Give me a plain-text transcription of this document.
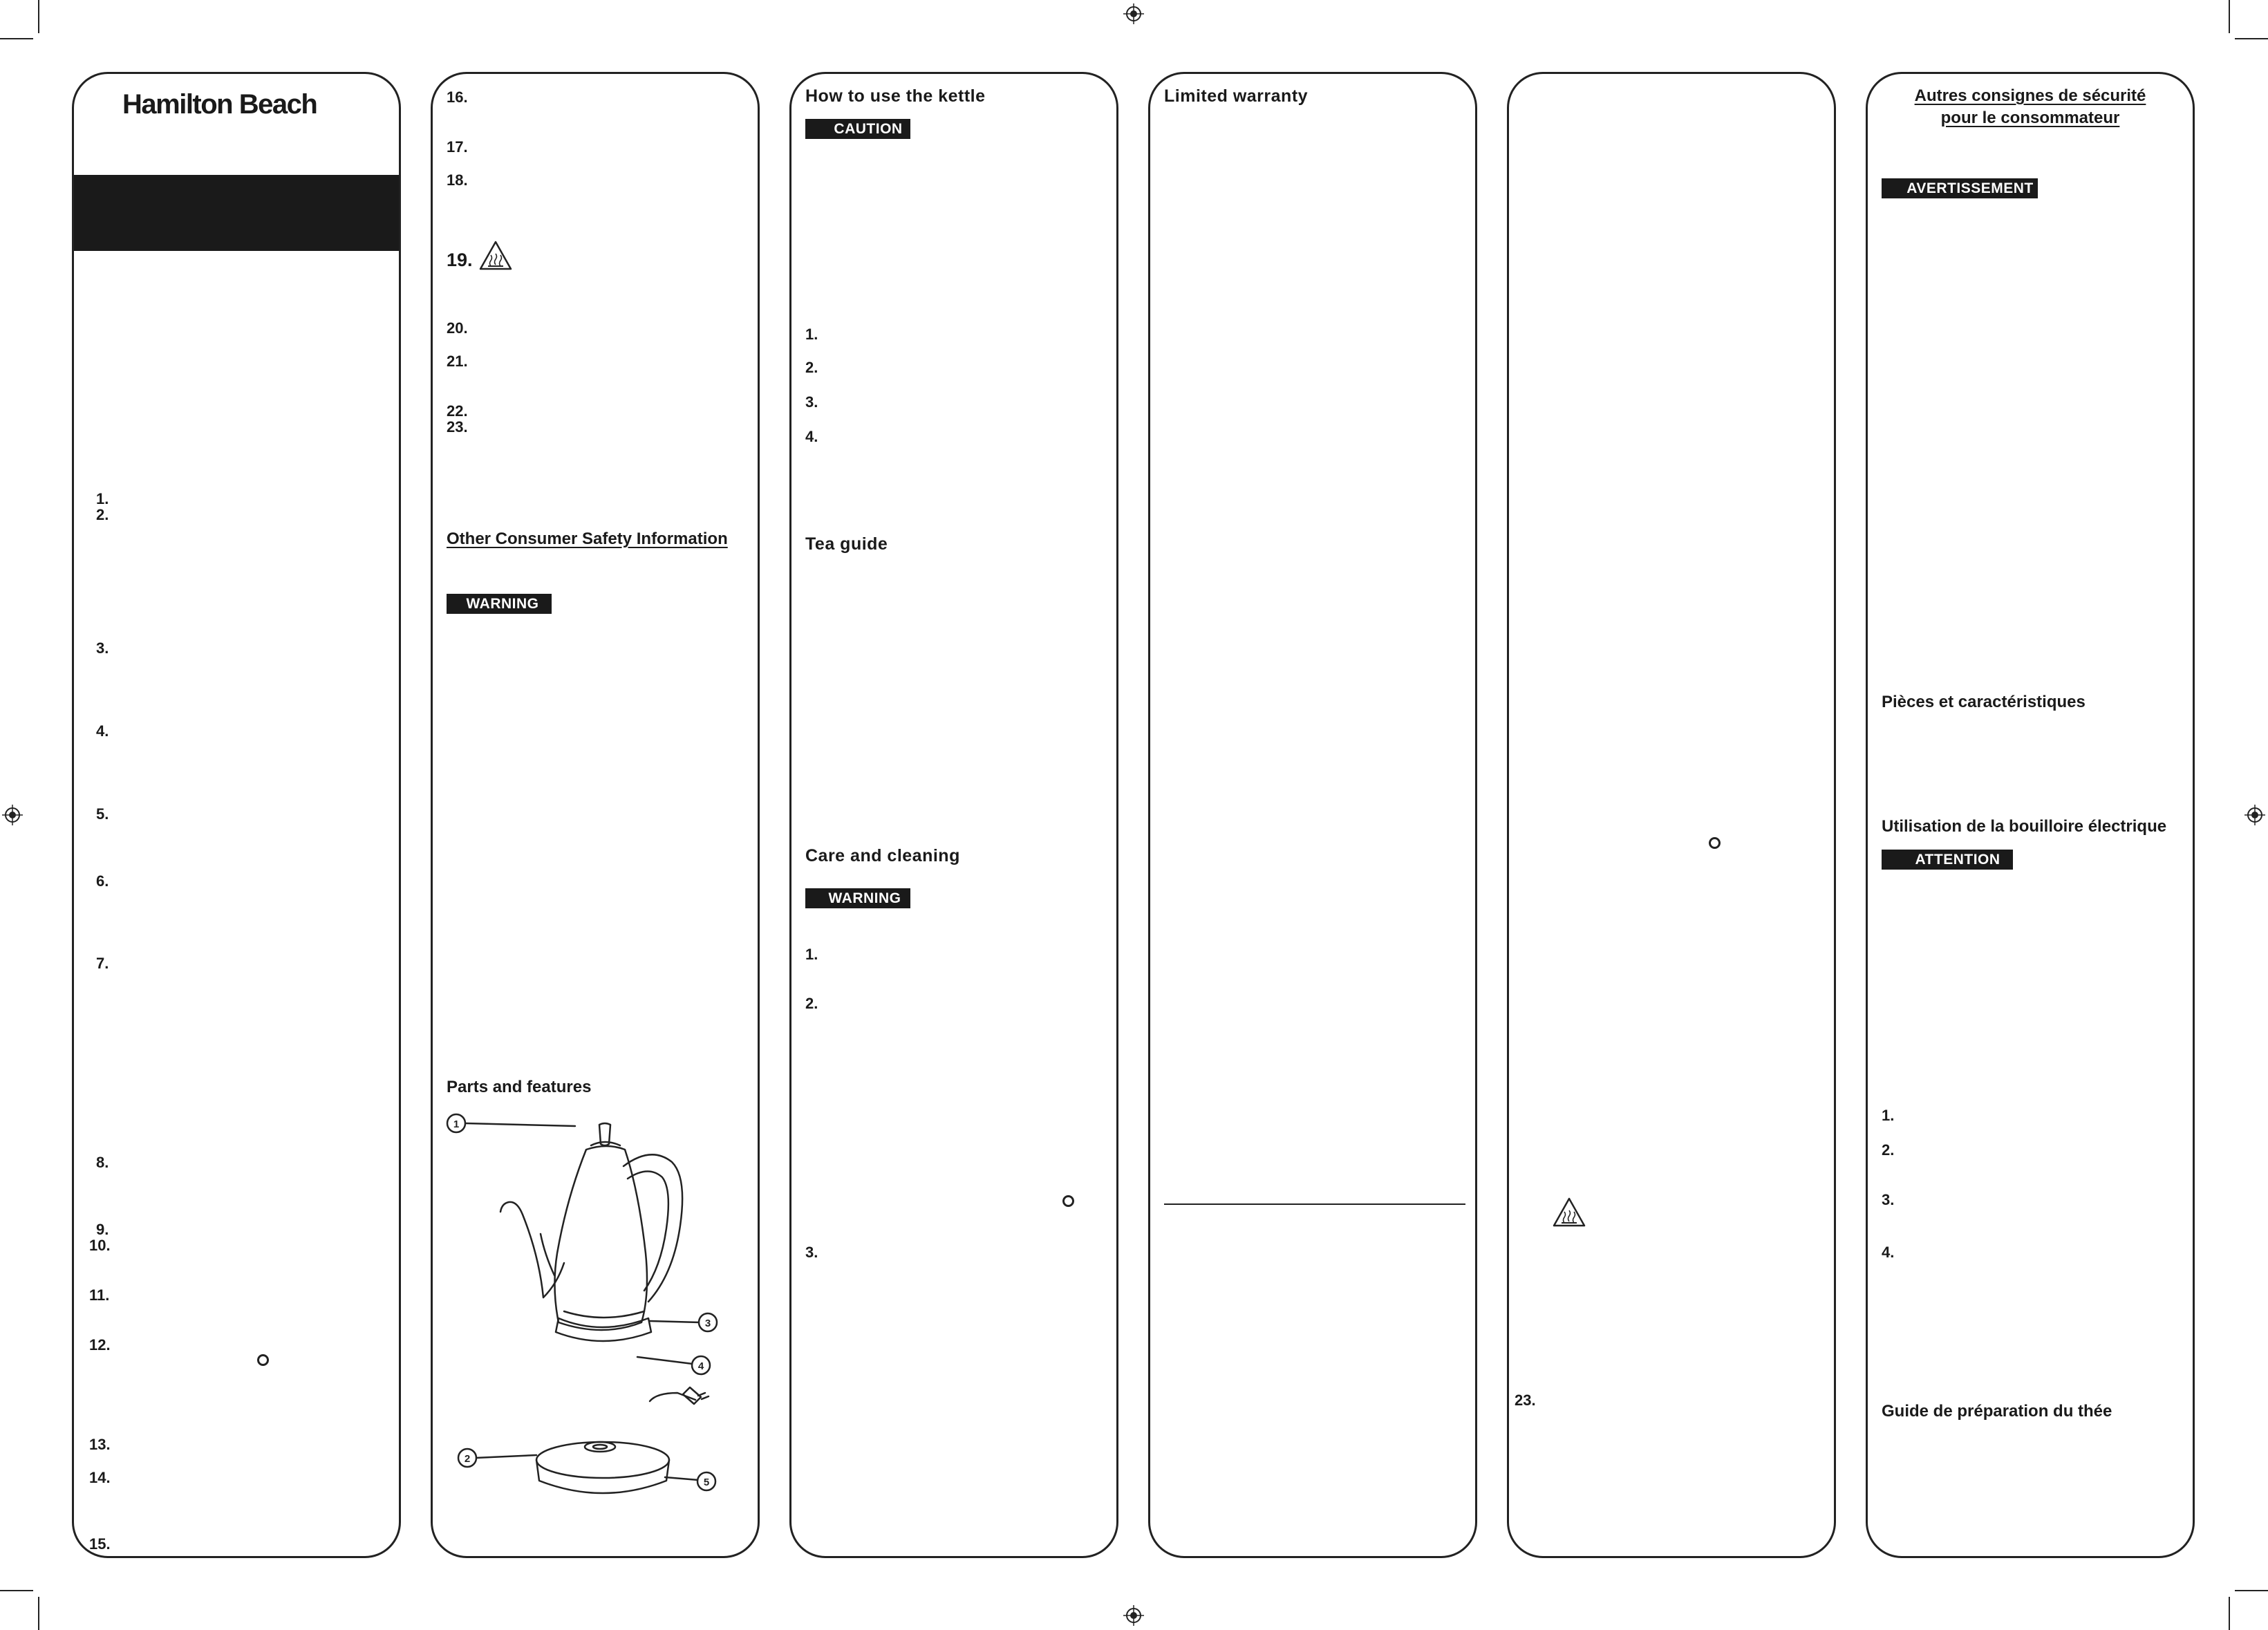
Hamilton Beach
1.
2.
3.
4.
5.
6.
7.
8.
9.
10.
11.
12.
13.
14.
15.
16.
17.
18.
19.
20.
21.
22.
23.
Other Consumer Safety Information
WARNING
Parts and features
1
3
4
2
5
How to use the kettle
CAUTION
1.
2.
3.
4.
Tea guide
Care and cleaning
WARNING
1.
2.
3.
Limited warranty
23.
Autres consignes de sécurité
pour le consommateur
AVERTISSEMENT
Pièces et caractéristiques
Utilisation de la bouilloire électrique
ATTENTION
1.
2.
3.
4.
Guide de préparation du thée
